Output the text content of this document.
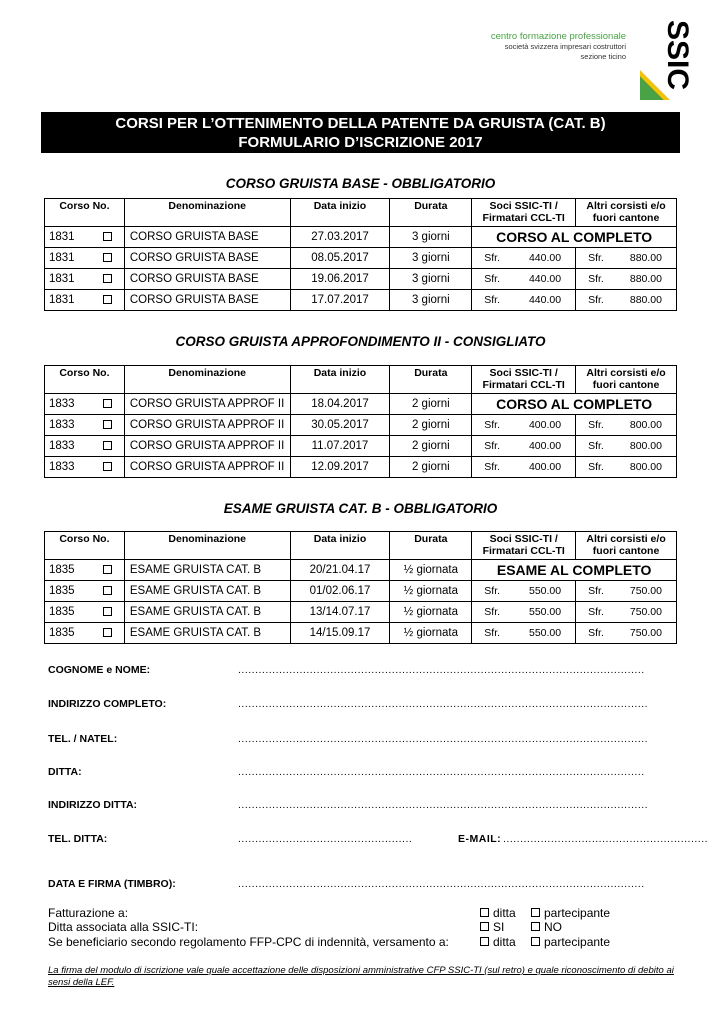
centro formazione professionale
società svizzera impresari costruttori
sezione ticino SSIC
CORSI PER L’OTTENIMENTO DELLA PATENTE DA GRUISTA (CAT. B)
FORMULARIO D’ISCRIZIONE 2017
CORSO GRUISTA BASE - OBBLIGATORIO
CORSO GRUISTA APPROFONDIMENTO II - CONSIGLIATO
ESAME GRUISTA CAT. B - OBBLIGATORIO
Corso No.	Denominazione	Data inizio	Durata	Soci SSIC-TI / Firmatari CCL-TI	Altri corsisti e/o fuori cantone
1831	CORSO GRUISTA BASE	27.03.2017	3 giorni	CORSO AL COMPLETO	
1831	CORSO GRUISTA BASE	08.05.2017	3 giorni	Sfr. 440.00	Sfr. 880.00

1831	CORSO GRUISTA BASE	19.06.2017	3 giorni	Sfr. 440.00	Sfr. 880.00

1831	CORSO GRUISTA BASE	17.07.2017	3 giorni	Sfr. 440.00	Sfr. 880.00
Corso No.	Denominazione	Data inizio	Durata	Soci SSIC-TI / Firmatari CCL-TI	Altri corsisti e/o fuori cantone
1833	CORSO GRUISTA APPROF II	18.04.2017	2 giorni	CORSO AL COMPLETO	
1833	CORSO GRUISTA APPROF II	30.05.2017	2 giorni	Sfr. 400.00	Sfr. 800.00

1833	CORSO GRUISTA APPROF II	11.07.2017	2 giorni	Sfr. 400.00	Sfr. 800.00

1833	CORSO GRUISTA APPROF II	12.09.2017	2 giorni	Sfr. 400.00	Sfr. 800.00
Corso No.	Denominazione	Data inizio	Durata	Soci SSIC-TI / Firmatari CCL-TI	Altri corsisti e/o fuori cantone
1835	ESAME GRUISTA CAT. B	20/21.04.17	½ giornata	ESAME AL COMPLETO	
1835	ESAME GRUISTA CAT. B	01/02.06.17	½ giornata	Sfr. 550.00	Sfr. 750.00

1835	ESAME GRUISTA CAT. B	13/14.07.17	½ giornata	Sfr. 550.00	Sfr. 750.00

1835	ESAME GRUISTA CAT. B	14/15.09.17	½ giornata	Sfr. 550.00	Sfr. 750.00
COGNOME e NOME:	.......................................................................................................................
INDIRIZZO COMPLETO:	........................................................................................................................
TEL. / NATEL:	........................................................................................................................
DITTA:	.......................................................................................................................
INDIRIZZO DITTA:	........................................................................................................................
TEL. DITTA:	...................................................	E-MAIL: ............................................................
DATA E FIRMA (TIMBRO):	.......................................................................................................................
Fatturazione a:
Ditta associata alla SSIC-TI:
Se beneficiario secondo regolamento FFP-CPC di indennità, versamento a:
ditta	partecipante
SI	NO
ditta	partecipante
La firma del modulo di iscrizione vale quale accettazione delle disposizioni amministrative CFP SSIC-TI (sul retro) e quale riconoscimento di debito ai sensi della LEF.
